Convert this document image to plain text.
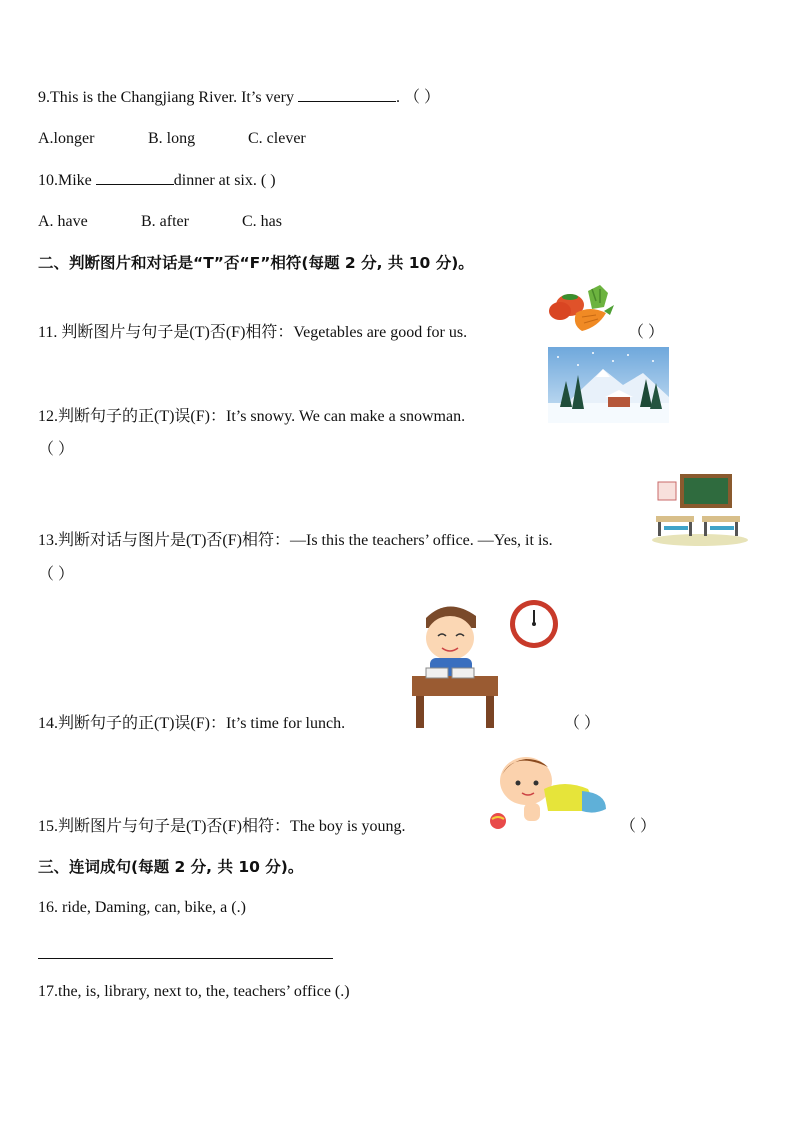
9.This is the Changjiang River. It’s very	. （ ）
A.longer	B. long	C. clever
10.Mike	dinner at six. ( )
A. have	B. after	C. has
二、判断图片和对话是“T”否“F”相符(每题 2 分, 共 10 分)。
11. 判断图片与句子是(T)否(F)相符：Vegetables are good for us.	（ ）
12.判断句子的正(T)误(F)：It’s snowy. We can make a snowman.
（ ）
13.判断对话与图片是(T)否(F)相符：—Is this the teachers’ office. —Yes, it is.
（ ）
14.判断句子的正(T)误(F)：It’s time for lunch.	（ ）
15.判断图片与句子是(T)否(F)相符：The boy is young.	（ ）
三、连词成句(每题 2 分, 共 10 分)。
16. ride, Daming, can, bike, a (.)
17.the, is, library, next to, the, teachers’ office (.)
